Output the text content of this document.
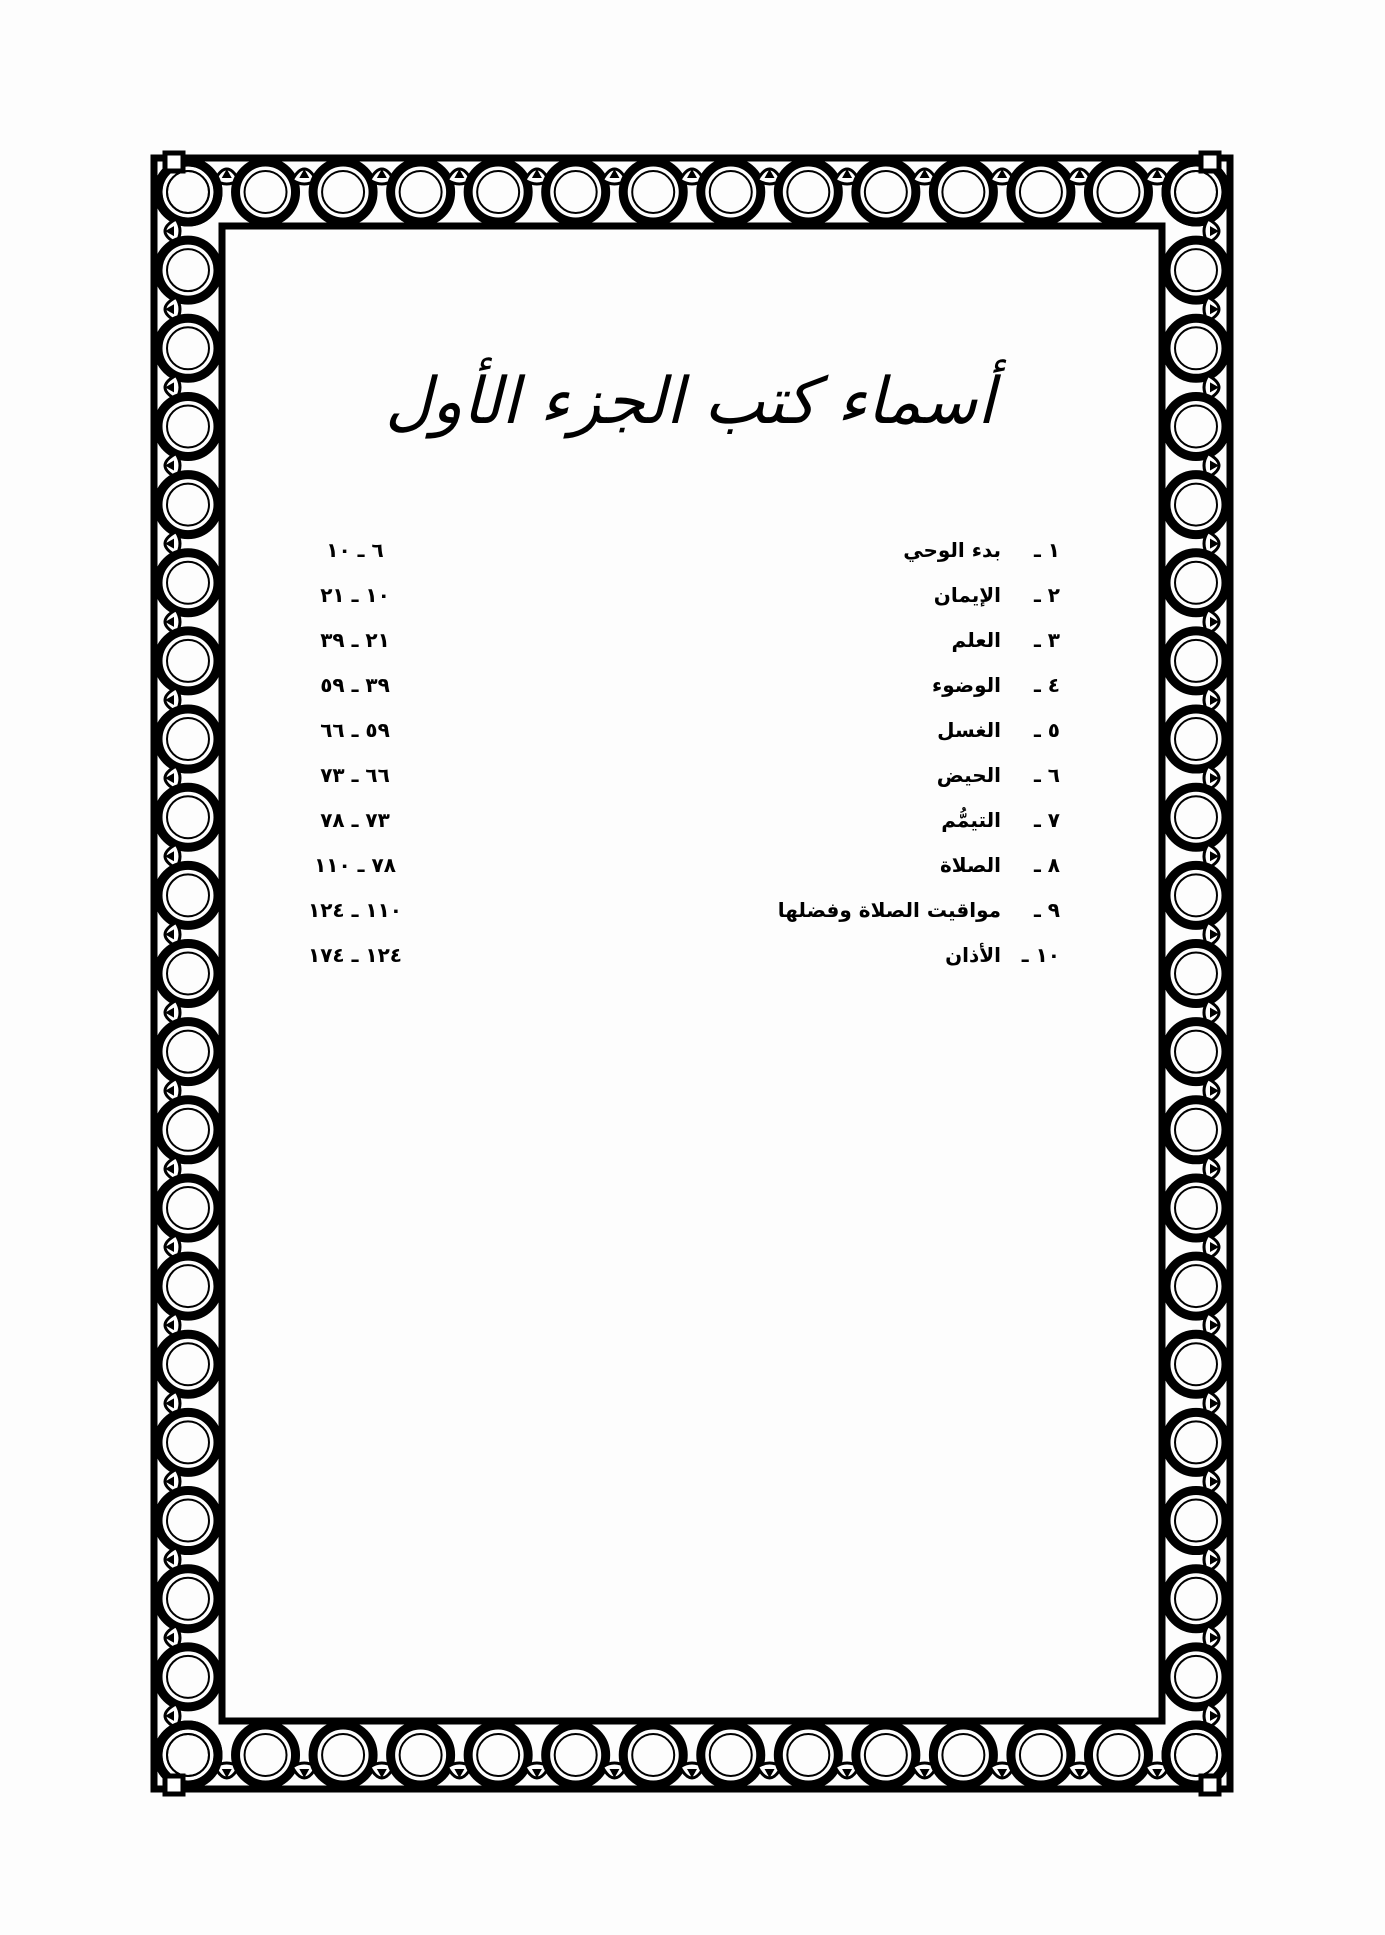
أسماء كتب الجزء الأول
١ ـ بدء الوحي
٦ ـ ١٠
٢ ـ الإيمان
١٠ ـ ٢١
٣ ـ العلم
٢١ ـ ٣٩
٤ ـ الوضوء
٣٩ ـ ٥٩
٥ ـ الغسل
٥٩ ـ ٦٦
٦ ـ الحيض
٦٦ ـ ٧٣
٧ ـ التيمُّم
٧٣ ـ ٧٨
٨ ـ الصلاة
٧٨ ـ ١١٠
٩ ـ مواقيت الصلاة وفضلها
١١٠ ـ ١٢٤
١٠ ـ الأذان
١٢٤ ـ ١٧٤
